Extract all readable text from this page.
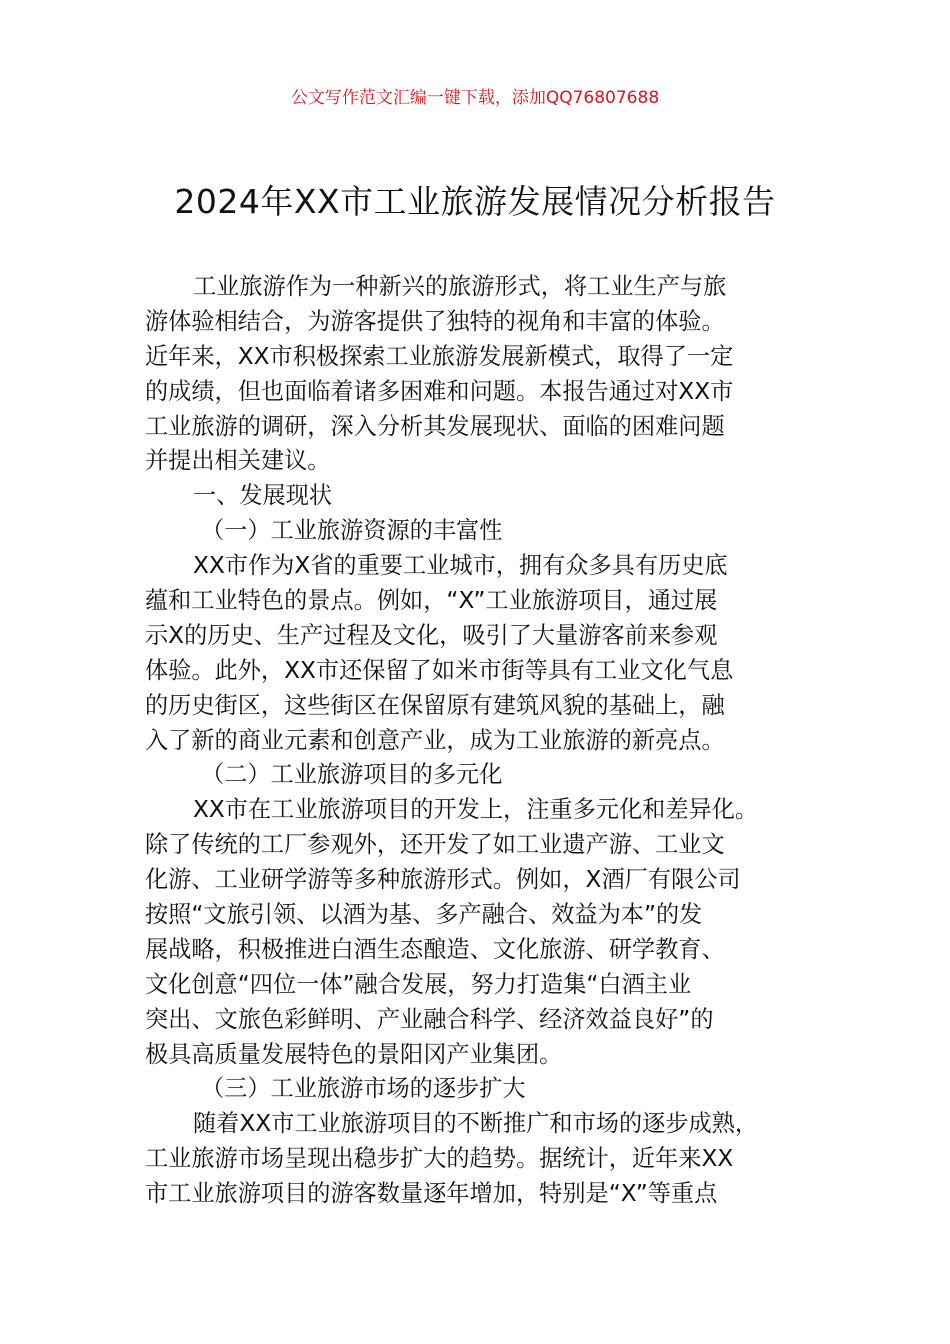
公文写作范文汇编一键下载，添加QQ76807688
2024年XX市工业旅游发展情况分析报告
工业旅游作为一种新兴的旅游形式，将工业生产与旅
游体验相结合，为游客提供了独特的视角和丰富的体验。
近年来，XX市积极探索工业旅游发展新模式，取得了一定
的成绩，但也面临着诸多困难和问题。本报告通过对XX市
工业旅游的调研，深入分析其发展现状、面临的困难问题
并提出相关建议。
一、发展现状
（一）工业旅游资源的丰富性
XX市作为X省的重要工业城市，拥有众多具有历史底
蕴和工业特色的景点。例如，“X”工业旅游项目，通过展
示X的历史、生产过程及文化，吸引了大量游客前来参观
体验。此外，XX市还保留了如米市街等具有工业文化气息
的历史街区，这些街区在保留原有建筑风貌的基础上，融
入了新的商业元素和创意产业，成为工业旅游的新亮点。
（二）工业旅游项目的多元化
XX市在工业旅游项目的开发上，注重多元化和差异化。
除了传统的工厂参观外，还开发了如工业遗产游、工业文
化游、工业研学游等多种旅游形式。例如，X酒厂有限公司
按照“文旅引领、以酒为基、多产融合、效益为本”的发
展战略，积极推进白酒生态酿造、文化旅游、研学教育、
文化创意“四位一体”融合发展，努力打造集“白酒主业
突出、文旅色彩鲜明、产业融合科学、经济效益良好”的
极具高质量发展特色的景阳冈产业集团。
（三）工业旅游市场的逐步扩大
随着XX市工业旅游项目的不断推广和市场的逐步成熟，
工业旅游市场呈现出稳步扩大的趋势。据统计，近年来XX
市工业旅游项目的游客数量逐年增加，特别是“X”等重点
